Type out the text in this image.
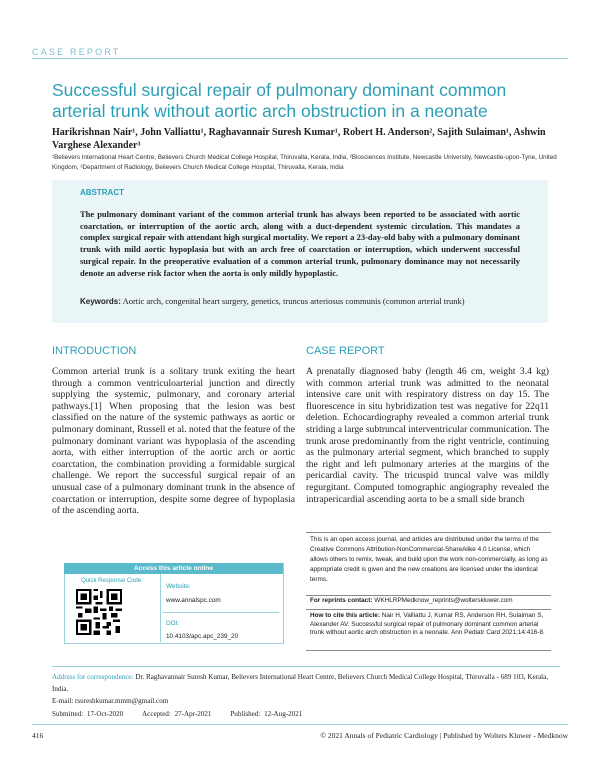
CASE REPORT
Successful surgical repair of pulmonary dominant common arterial trunk without aortic arch obstruction in a neonate
Harikrishnan Nair¹, John Valliattu¹, Raghavannair Suresh Kumar¹, Robert H. Anderson², Sajith Sulaiman¹, Ashwin Varghese Alexander³
¹Believers International Heart Centre, Believers Church Medical College Hospital, Thiruvalla, Kerala, India, ²Biosciences Institute, Newcastle University, Newcastle-upon-Tyne, United Kingdom, ³Department of Radiology, Believers Church Medical College Hospital, Thiruvalla, Kerala, India
ABSTRACT
The pulmonary dominant variant of the common arterial trunk has always been reported to be associated with aortic coarctation, or interruption of the aortic arch, along with a duct-dependent systemic circulation. This mandates a complex surgical repair with attendant high surgical mortality. We report a 23-day-old baby with a pulmonary dominant trunk with mild aortic hypoplasia but with an arch free of coarctation or interruption, which underwent successful surgical repair. In the preoperative evaluation of a common arterial trunk, pulmonary dominance may not necessarily denote an adverse risk factor when the aorta is only mildly hypoplastic.
Keywords: Aortic arch, congenital heart surgery, genetics, truncus arteriosus communis (common arterial trunk)
INTRODUCTION
Common arterial trunk is a solitary trunk exiting the heart through a common ventriculoarterial junction and directly supplying the systemic, pulmonary, and coronary arterial pathways.[1] When proposing that the lesion was best classified on the nature of the systemic pathways as aortic or pulmonary dominant, Russell et al. noted that the feature of the pulmonary dominant variant was hypoplasia of the ascending aorta, with either interruption of the aortic arch or aortic coarctation, the combination providing a formidable surgical challenge. We report the successful surgical repair of an unusual case of a pulmonary dominant trunk in the absence of coarctation or interruption, despite some degree of hypoplasia of the ascending aorta.
CASE REPORT
A prenatally diagnosed baby (length 46 cm, weight 3.4 kg) with common arterial trunk was admitted to the neonatal intensive care unit with respiratory distress on day 15. The fluorescence in situ hybridization test was negative for 22q11 deletion. Echocardiography revealed a common arterial trunk striding a large subtruncal interventricular communication. The trunk arose predominantly from the right ventricle, continuing as the pulmonary arterial segment, which branched to supply the right and left pulmonary arteries at the margins of the pericardial cavity. The tricuspid truncal valve was mildly regurgitant. Computed tomographic angiography revealed the intrapericardial ascending aorta to be a small side branch
Access this article online
Quick Response Code:
Website:
www.annalspc.com
DOI:
10.4103/apc.apc_239_20
This is an open access journal, and articles are distributed under the terms of the Creative Commons Attribution-NonCommercial-ShareAlike 4.0 License, which allows others to remix, tweak, and build upon the work non-commercially, as long as appropriate credit is given and the new creations are licensed under the identical terms.
For reprints contact: WKHLRPMedknow_reprints@wolterskluwer.com
How to cite this article: Nair H, Valliattu J, Kumar RS, Anderson RH, Sulaiman S, Alexander AV. Successful surgical repair of pulmonary dominant common arterial trunk without aortic arch obstruction in a neonate. Ann Pediatr Card 2021;14:416-8.
Address for correspondence: Dr. Raghavannair Suresh Kumar, Believers International Heart Centre, Believers Church Medical College Hospital, Thiruvalla - 689 103, Kerala, India.
E-mail: rsureshkumar.mmm@gmail.com
Submitted: 17-Oct-2020	Accepted: 27-Apr-2021	Published: 12-Aug-2021
416	© 2021 Annals of Pediatric Cardiology | Published by Wolters Kluwer - Medknow
